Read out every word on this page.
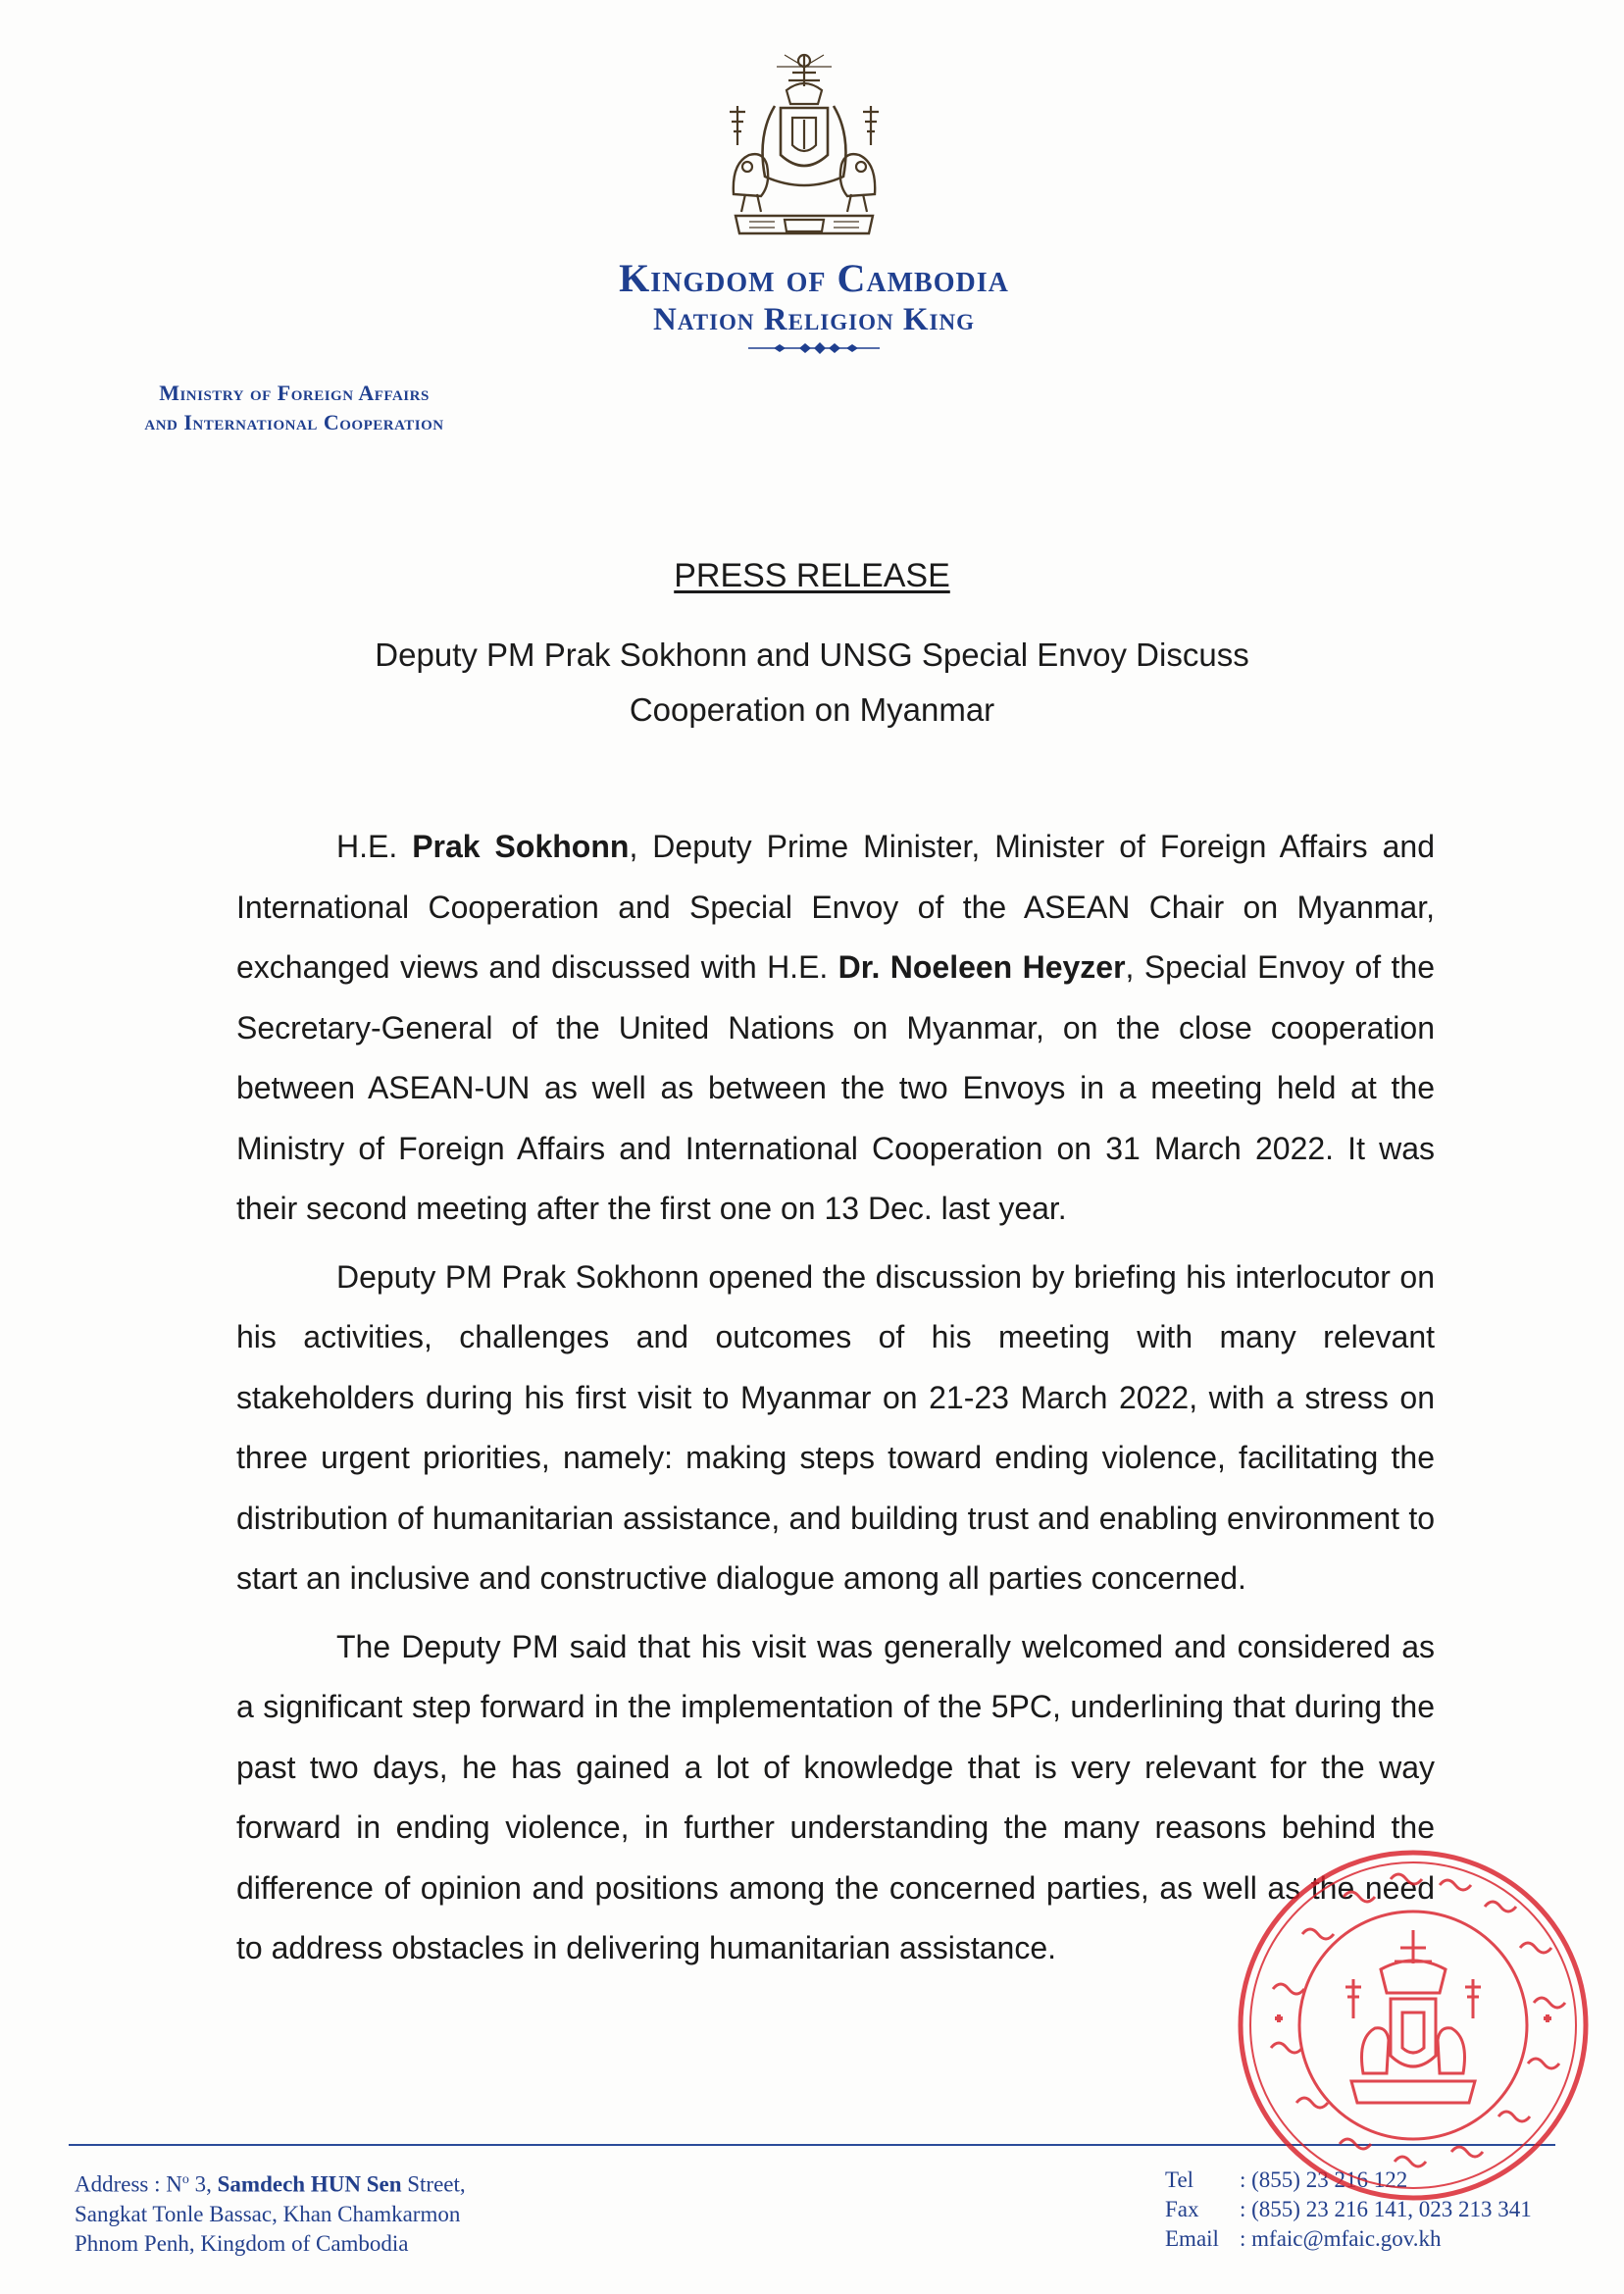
Kingdom of Cambodia
Nation Religion King
Ministry of Foreign Affairs
and International Cooperation
PRESS RELEASE
Deputy PM Prak Sokhonn and UNSG Special Envoy Discuss
Cooperation on Myanmar

H.E. Prak Sokhonn, Deputy Prime Minister, Minister of Foreign Affairs and International Cooperation and Special Envoy of the ASEAN Chair on Myanmar, exchanged views and discussed with H.E. Dr. Noeleen Heyzer, Special Envoy of the Secretary-General of the United Nations on Myanmar, on the close cooperation between ASEAN-UN as well as between the two Envoys in a meeting held at the Ministry of Foreign Affairs and International Cooperation on 31 March 2022. It was their second meeting after the first one on 13 Dec. last year.

Deputy PM Prak Sokhonn opened the discussion by briefing his interlocutor on his activities, challenges and outcomes of his meeting with many relevant stakeholders during his first visit to Myanmar on 21-23 March 2022, with a stress on three urgent priorities, namely: making steps toward ending violence, facilitating the distribution of humanitarian assistance, and building trust and enabling environment to start an inclusive and constructive dialogue among all parties concerned.

The Deputy PM said that his visit was generally welcomed and considered as a significant step forward in the implementation of the 5PC, underlining that during the past two days, he has gained a lot of knowledge that is very relevant for the way forward in ending violence, in further understanding the many reasons behind the difference of opinion and positions among the concerned parties, as well as the need to address obstacles in delivering humanitarian assistance.

Address : $N^o$ 3, Samdech HUN Sen Street,
Sangkat Tonle Bassac, Khan Chamkarmon
Phnom Penh, Kingdom of Cambodia
Tel : (855) 23 216 122
Fax : (855) 23 216 141, 023 213 341
Email : mfaic@mfaic.gov.kh
